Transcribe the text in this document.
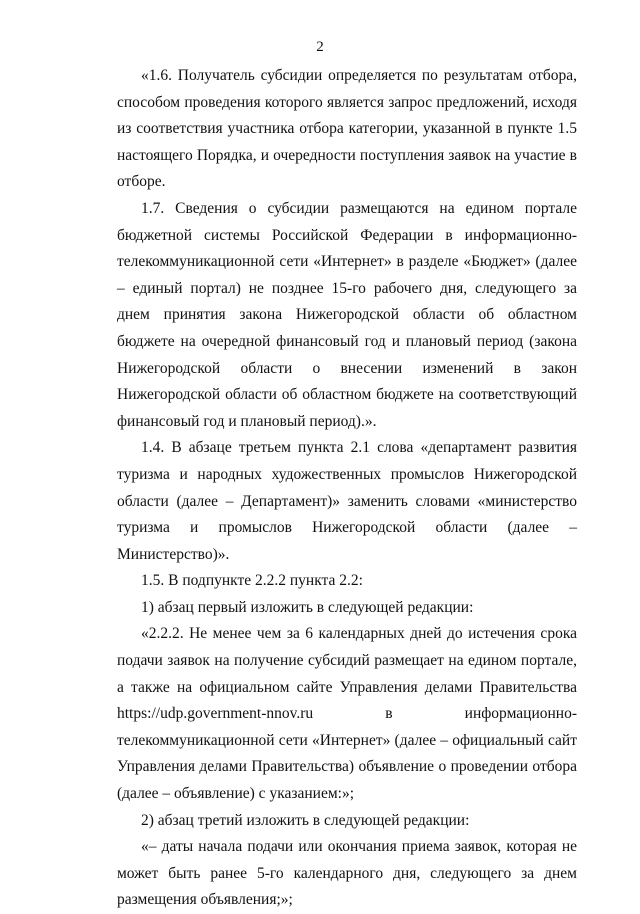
2

«1.6. Получатель субсидии определяется по результатам отбора, способом проведения которого является запрос предложений, исходя из соответствия участника отбора категории, указанной в пункте 1.5 настоящего Порядка, и очередности поступления заявок на участие в отборе.

1.7. Сведения о субсидии размещаются на едином портале бюджетной системы Российской Федерации в информационно-телекоммуникационной сети «Интернет» в разделе «Бюджет» (далее – единый портал) не позднее 15-го рабочего дня, следующего за днем принятия закона Нижегородской области об областном бюджете на очередной финансовый год и плановый период (закона Нижегородской области о внесении изменений в закон Нижегородской области об областном бюджете на соответствующий финансовый год и плановый период).».

1.4. В абзаце третьем пункта 2.1 слова «департамент развития туризма и народных художественных промыслов Нижегородской области (далее – Департамент)» заменить словами «министерство туризма и промыслов Нижегородской области (далее – Министерство)».

1.5. В подпункте 2.2.2 пункта 2.2:

1) абзац первый изложить в следующей редакции:

«2.2.2. Не менее чем за 6 календарных дней до истечения срока подачи заявок на получение субсидий размещает на едином портале, а также на официальном сайте Управления делами Правительства https://udp.government-nnov.ru в информационно-телекоммуникационной сети «Интернет» (далее – официальный сайт Управления делами Правительства) объявление о проведении отбора (далее – объявление) с указанием:»;

2) абзац третий изложить в следующей редакции:

«– даты начала подачи или окончания приема заявок, которая не может быть ранее 5-го календарного дня, следующего за днем размещения объявления;»;
